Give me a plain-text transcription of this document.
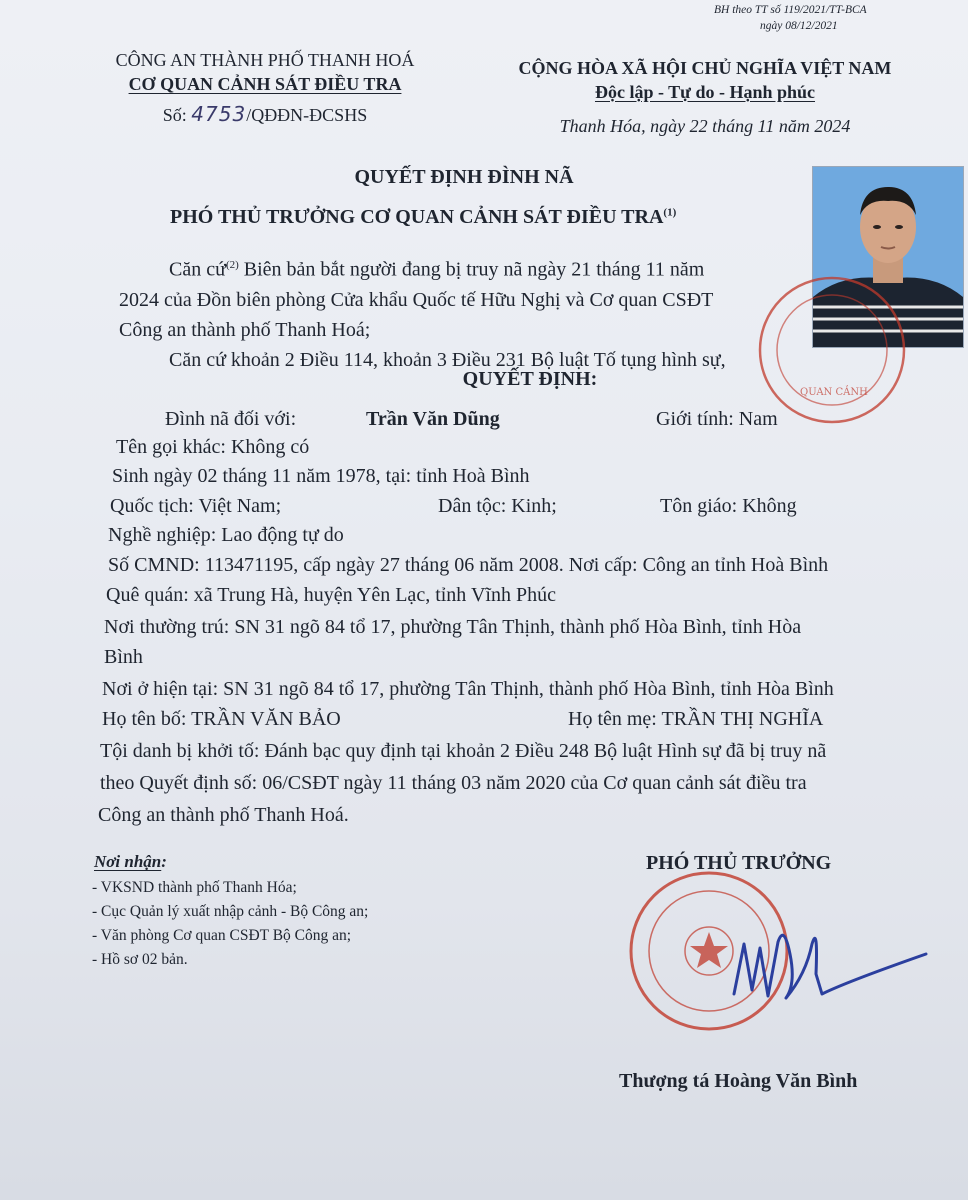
BH theo TT số 119/2021/TT-BCA
ngày 08/12/2021
CÔNG AN THÀNH PHỐ THANH HOÁ
CƠ QUAN CẢNH SÁT ĐIỀU TRA
Số: 4753/QĐĐN-ĐCSHS
CỘNG HÒA XÃ HỘI CHỦ NGHĨA VIỆT NAM
Độc lập - Tự do - Hạnh phúc
Thanh Hóa, ngày 22 tháng 11 năm 2024
QUAN CẢNH
QUYẾT ĐỊNH ĐÌNH NÃ
PHÓ THỦ TRƯỞNG CƠ QUAN CẢNH SÁT ĐIỀU TRA$^{(1)}$
Căn cứ$^{(2)}$ Biên bản bắt người đang bị truy nã ngày 21 tháng 11 năm
2024 của Đồn biên phòng Cửa khẩu Quốc tế Hữu Nghị và Cơ quan CSĐT
Công an thành phố Thanh Hoá;
Căn cứ khoản 2 Điều 114, khoản 3 Điều 231 Bộ luật Tố tụng hình sự,
QUYẾT ĐỊNH:
Đình nã đối với:	Trần Văn Dũng	Giới tính: Nam
Tên gọi khác: Không có
Sinh ngày 02 tháng 11 năm 1978, tại: tỉnh Hoà Bình
Quốc tịch: Việt Nam;	Dân tộc: Kinh;	Tôn giáo: Không
Nghề nghiệp: Lao động tự do
Số CMND: 113471195, cấp ngày 27 tháng 06 năm 2008. Nơi cấp: Công an tỉnh Hoà Bình
Quê quán: xã Trung Hà, huyện Yên Lạc, tỉnh Vĩnh Phúc
Nơi thường trú: SN 31 ngõ 84 tổ 17, phường Tân Thịnh, thành phố Hòa Bình, tỉnh Hòa
Bình
Nơi ở hiện tại: SN 31 ngõ 84 tổ 17, phường Tân Thịnh, thành phố Hòa Bình, tỉnh Hòa Bình
Họ tên bố: TRẦN VĂN BẢO	Họ tên mẹ: TRẦN THỊ NGHĨA
Tội danh bị khởi tố: Đánh bạc quy định tại khoản 2 Điều 248 Bộ luật Hình sự đã bị truy nã
theo Quyết định số: 06/CSĐT ngày 11 tháng 03 năm 2020 của Cơ quan cảnh sát điều tra
Công an thành phố Thanh Hoá.
Nơi nhận:
- VKSND thành phố Thanh Hóa;
- Cục Quản lý xuất nhập cảnh - Bộ Công an;
- Văn phòng Cơ quan CSĐT Bộ Công an;
- Hồ sơ 02 bản.
PHÓ THỦ TRƯỞNG
Thượng tá Hoàng Văn Bình
